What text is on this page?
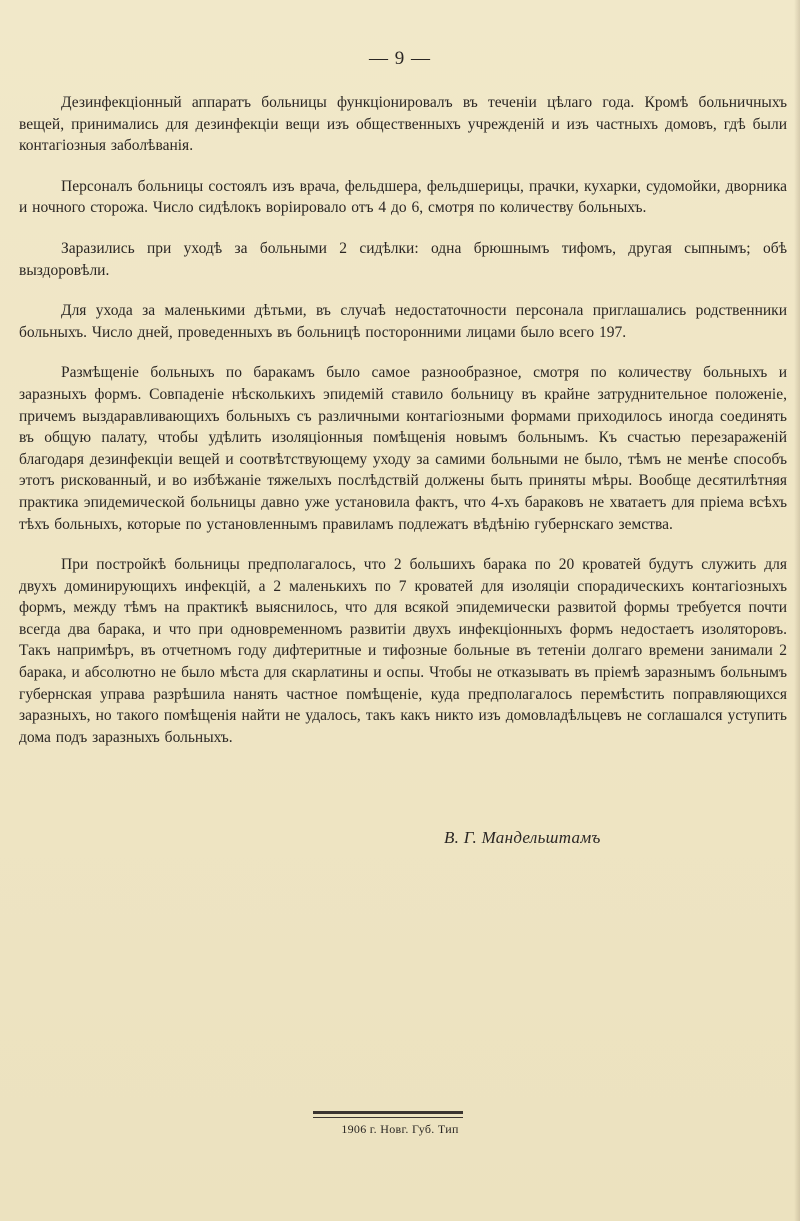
— 9 —

Дезинфекціонный аппаратъ больницы функціонировалъ въ теченіи цѣлаго года. Кромѣ больничныхъ вещей, принимались для дезинфекціи вещи изъ общественныхъ учрежденій и изъ частныхъ домовъ, гдѣ были контагіозныя заболѣванія.

Персоналъ больницы состоялъ изъ врача, фельдшера, фельдшерицы, прачки, кухарки, судомойки, дворника и ночного сторожа. Число сидѣлокъ воріировало отъ 4 до 6, смотря по количеству больныхъ.

Заразились при уходѣ за больными 2 сидѣлки: одна брюшнымъ тифомъ, другая сыпнымъ; обѣ выздоровѣли.

Для ухода за маленькими дѣтьми, въ случаѣ недостаточности персонала приглашались родственники больныхъ. Число дней, проведенныхъ въ больницѣ посторонними лицами было всего 197.

Размѣщеніе больныхъ по баракамъ было самое разнообразное, смотря по количеству больныхъ и заразныхъ формъ. Совпаденіе нѣсколькихъ эпидемій ставило больницу въ крайне затруднительное положеніе, причемъ выздаравливающихъ больныхъ съ различными контагіозными формами приходилось иногда соединять въ общую палату, чтобы удѣлить изоляціонныя помѣщенія новымъ больнымъ. Къ счастью перезараженій благодаря дезинфекціи вещей и соотвѣтствующему уходу за самими больными не было, тѣмъ не менѣе способъ этотъ рискованный, и во избѣжаніе тяжелыхъ послѣдствій должены быть приняты мѣры. Вообще десятилѣтняя практика эпидемической больницы давно уже установила фактъ, что 4-хъ бараковъ не хватаетъ для пріема всѣхъ тѣхъ больныхъ, которые по установленнымъ правиламъ подлежатъ вѣдѣнію губернскаго земства.

При постройкѣ больницы предполагалось, что 2 большихъ барака по 20 кроватей будутъ служить для двухъ доминирующихъ инфекцій, а 2 маленькихъ по 7 кроватей для изоляціи спорадическихъ контагіозныхъ формъ, между тѣмъ на практикѣ выяснилось, что для всякой эпидемически развитой формы требуется почти всегда два барака, и что при одновременномъ развитіи двухъ инфекціонныхъ формъ недостаетъ изоляторовъ. Такъ напримѣръ, въ отчетномъ году дифтеритные и тифозные больные въ тетеніи долгаго времени занимали 2 барака, и абсолютно не было мѣста для скарлатины и оспы. Чтобы не отказывать въ пріемѣ заразнымъ больнымъ губернская управа разрѣшила нанять частное помѣщеніе, куда предполагалось перемѣстить поправляющихся заразныхъ, но такого помѣщенія найти не удалось, такъ какъ никто изъ домовладѣльцевъ не соглашался уступить дома подъ заразныхъ больныхъ.

В. Г. Мандельштамъ
1906 г. Новг. Губ. Тип
